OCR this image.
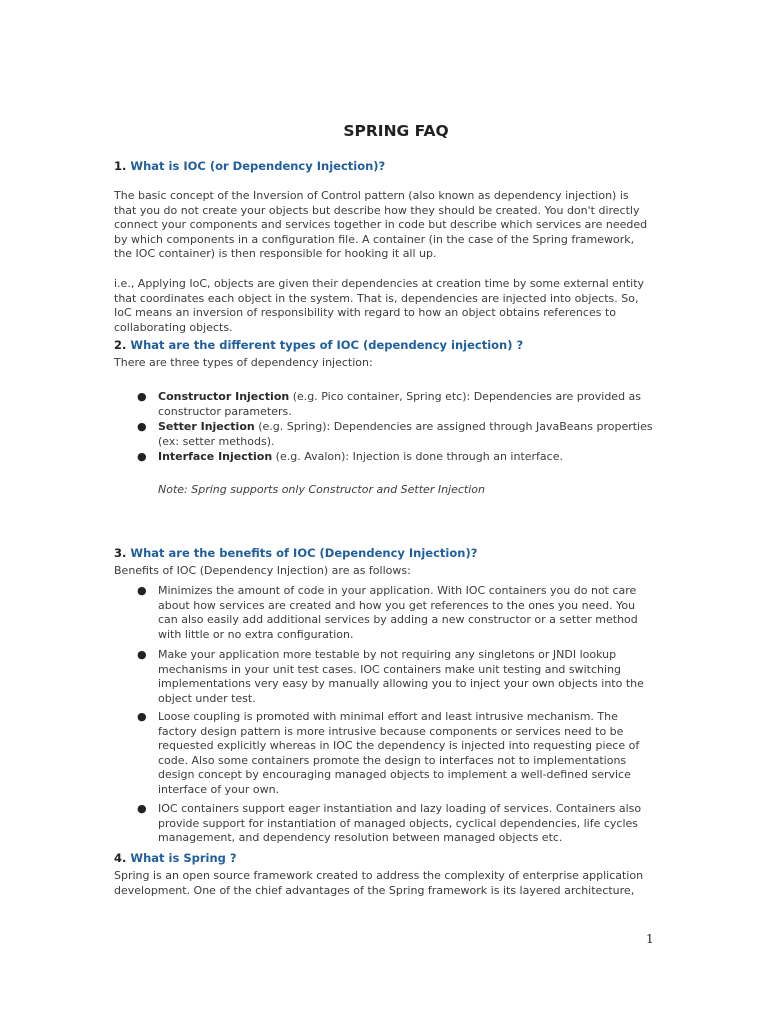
SPRING FAQ
1. What is IOC (or Dependency Injection)?

The basic concept of the Inversion of Control pattern (also known as dependency injection) is that you do not create your objects but describe how they should be created. You don't directly connect your components and services together in code but describe which services are needed by which components in a configuration file. A container (in the case of the Spring framework, the IOC container) is then responsible for hooking it all up.

i.e., Applying IoC, objects are given their dependencies at creation time by some external entity that coordinates each object in the system. That is, dependencies are injected into objects. So, IoC means an inversion of responsibility with regard to how an object obtains references to collaborating objects.

2. What are the different types of IOC (dependency injection) ?

There are three types of dependency injection:

● Constructor Injection (e.g. Pico container, Spring etc): Dependencies are provided as constructor parameters.
● Setter Injection (e.g. Spring): Dependencies are assigned through JavaBeans properties (ex: setter methods).
● Interface Injection (e.g. Avalon): Injection is done through an interface.
Note: Spring supports only Constructor and Setter Injection
3. What are the benefits of IOC (Dependency Injection)?

Benefits of IOC (Dependency Injection) are as follows:

● Minimizes the amount of code in your application. With IOC containers you do not care about how services are created and how you get references to the ones you need. You can also easily add additional services by adding a new constructor or a setter method with little or no extra configuration.
● Make your application more testable by not requiring any singletons or JNDI lookup mechanisms in your unit test cases. IOC containers make unit testing and switching implementations very easy by manually allowing you to inject your own objects into the object under test.
● Loose coupling is promoted with minimal effort and least intrusive mechanism. The factory design pattern is more intrusive because components or services need to be requested explicitly whereas in IOC the dependency is injected into requesting piece of code. Also some containers promote the design to interfaces not to implementations design concept by encouraging managed objects to implement a well-defined service interface of your own.
● IOC containers support eager instantiation and lazy loading of services. Containers also provide support for instantiation of managed objects, cyclical dependencies, life cycles management, and dependency resolution between managed objects etc.
4. What is Spring ?

Spring is an open source framework created to address the complexity of enterprise application development. One of the chief advantages of the Spring framework is its layered architecture,

1
